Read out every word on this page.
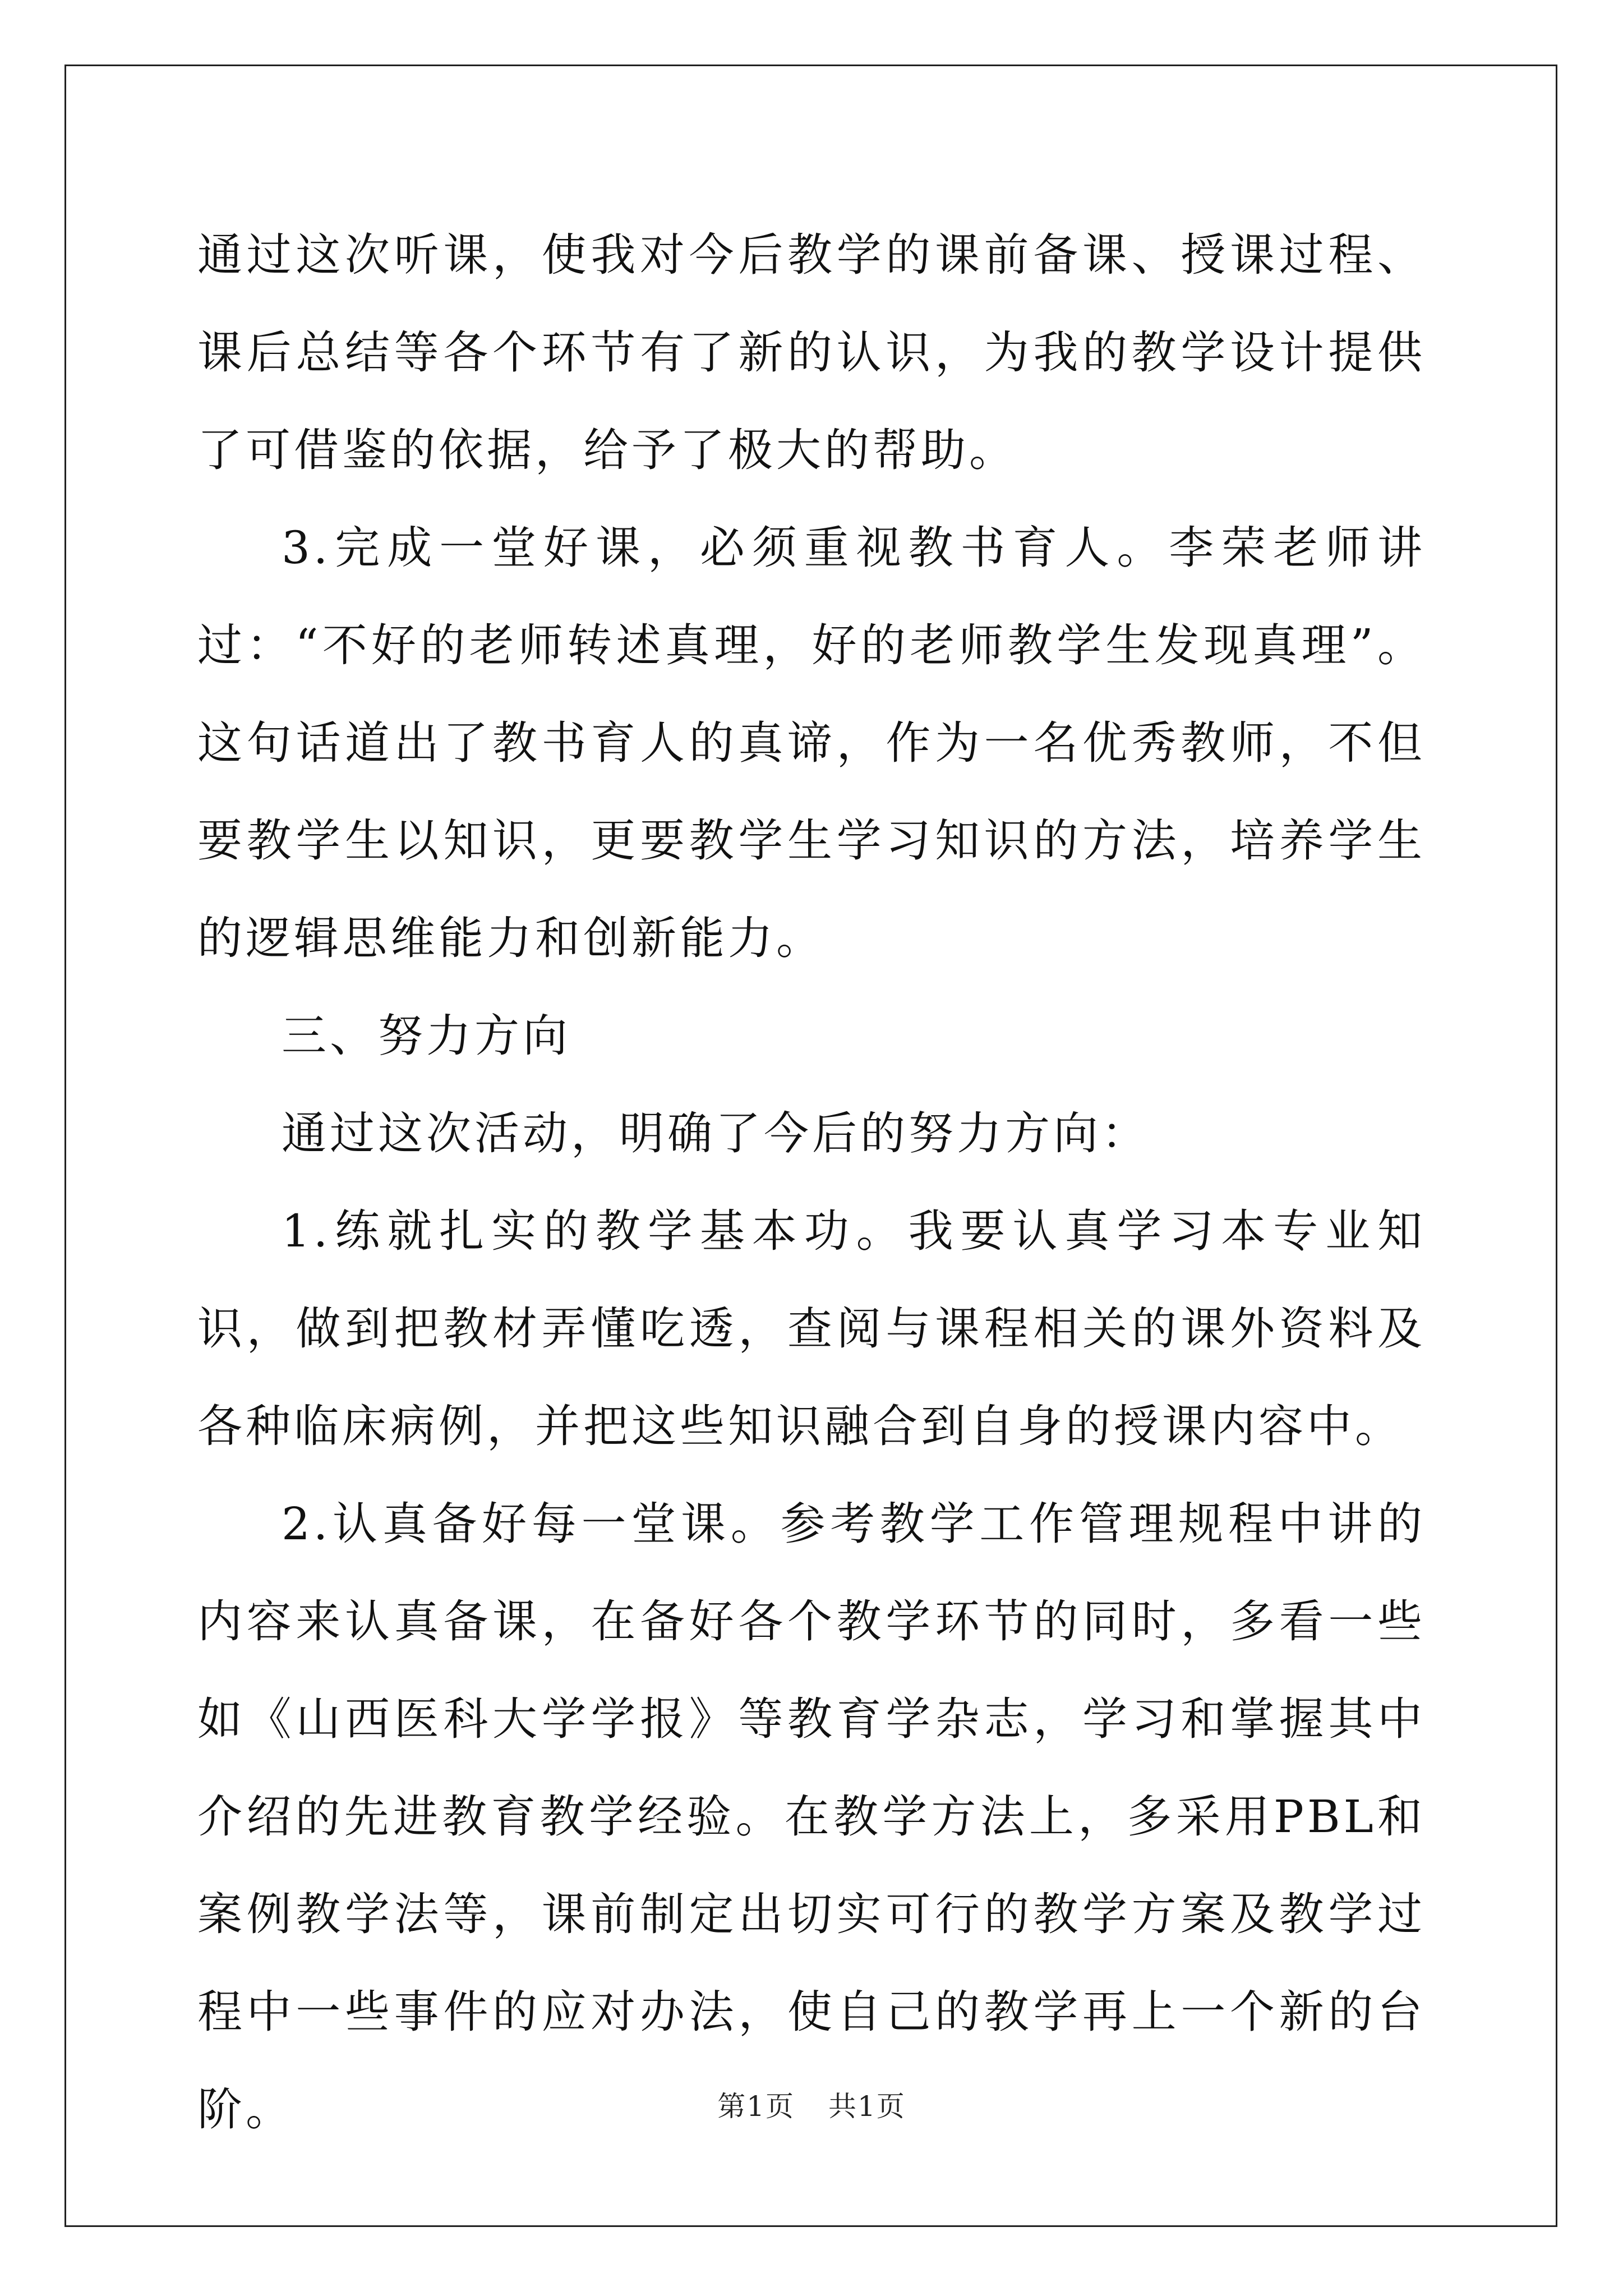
通过这次听课，使我对今后教学的课前备课、授课过程、课后总结等各个环节有了新的认识，为我的教学设计提供了可借鉴的依据，给予了极大的帮助。

3.完成一堂好课，必须重视教书育人。李荣老师讲过：“不好的老师转述真理，好的老师教学生发现真理”。这句话道出了教书育人的真谛，作为一名优秀教师，不但要教学生以知识，更要教学生学习知识的方法，培养学生的逻辑思维能力和创新能力。

三、努力方向

通过这次活动，明确了今后的努力方向：

1.练就扎实的教学基本功。我要认真学习本专业知识，做到把教材弄懂吃透，查阅与课程相关的课外资料及各种临床病例，并把这些知识融合到自身的授课内容中。

2.认真备好每一堂课。参考教学工作管理规程中讲的内容来认真备课，在备好各个教学环节的同时，多看一些如《山西医科大学学报》等教育学杂志，学习和掌握其中介绍的先进教育教学经验。在教学方法上，多采用PBL和案例教学法等，课前制定出切实可行的教学方案及教学过程中一些事件的应对办法，使自己的教学再上一个新的台阶。	第1页 共1页
